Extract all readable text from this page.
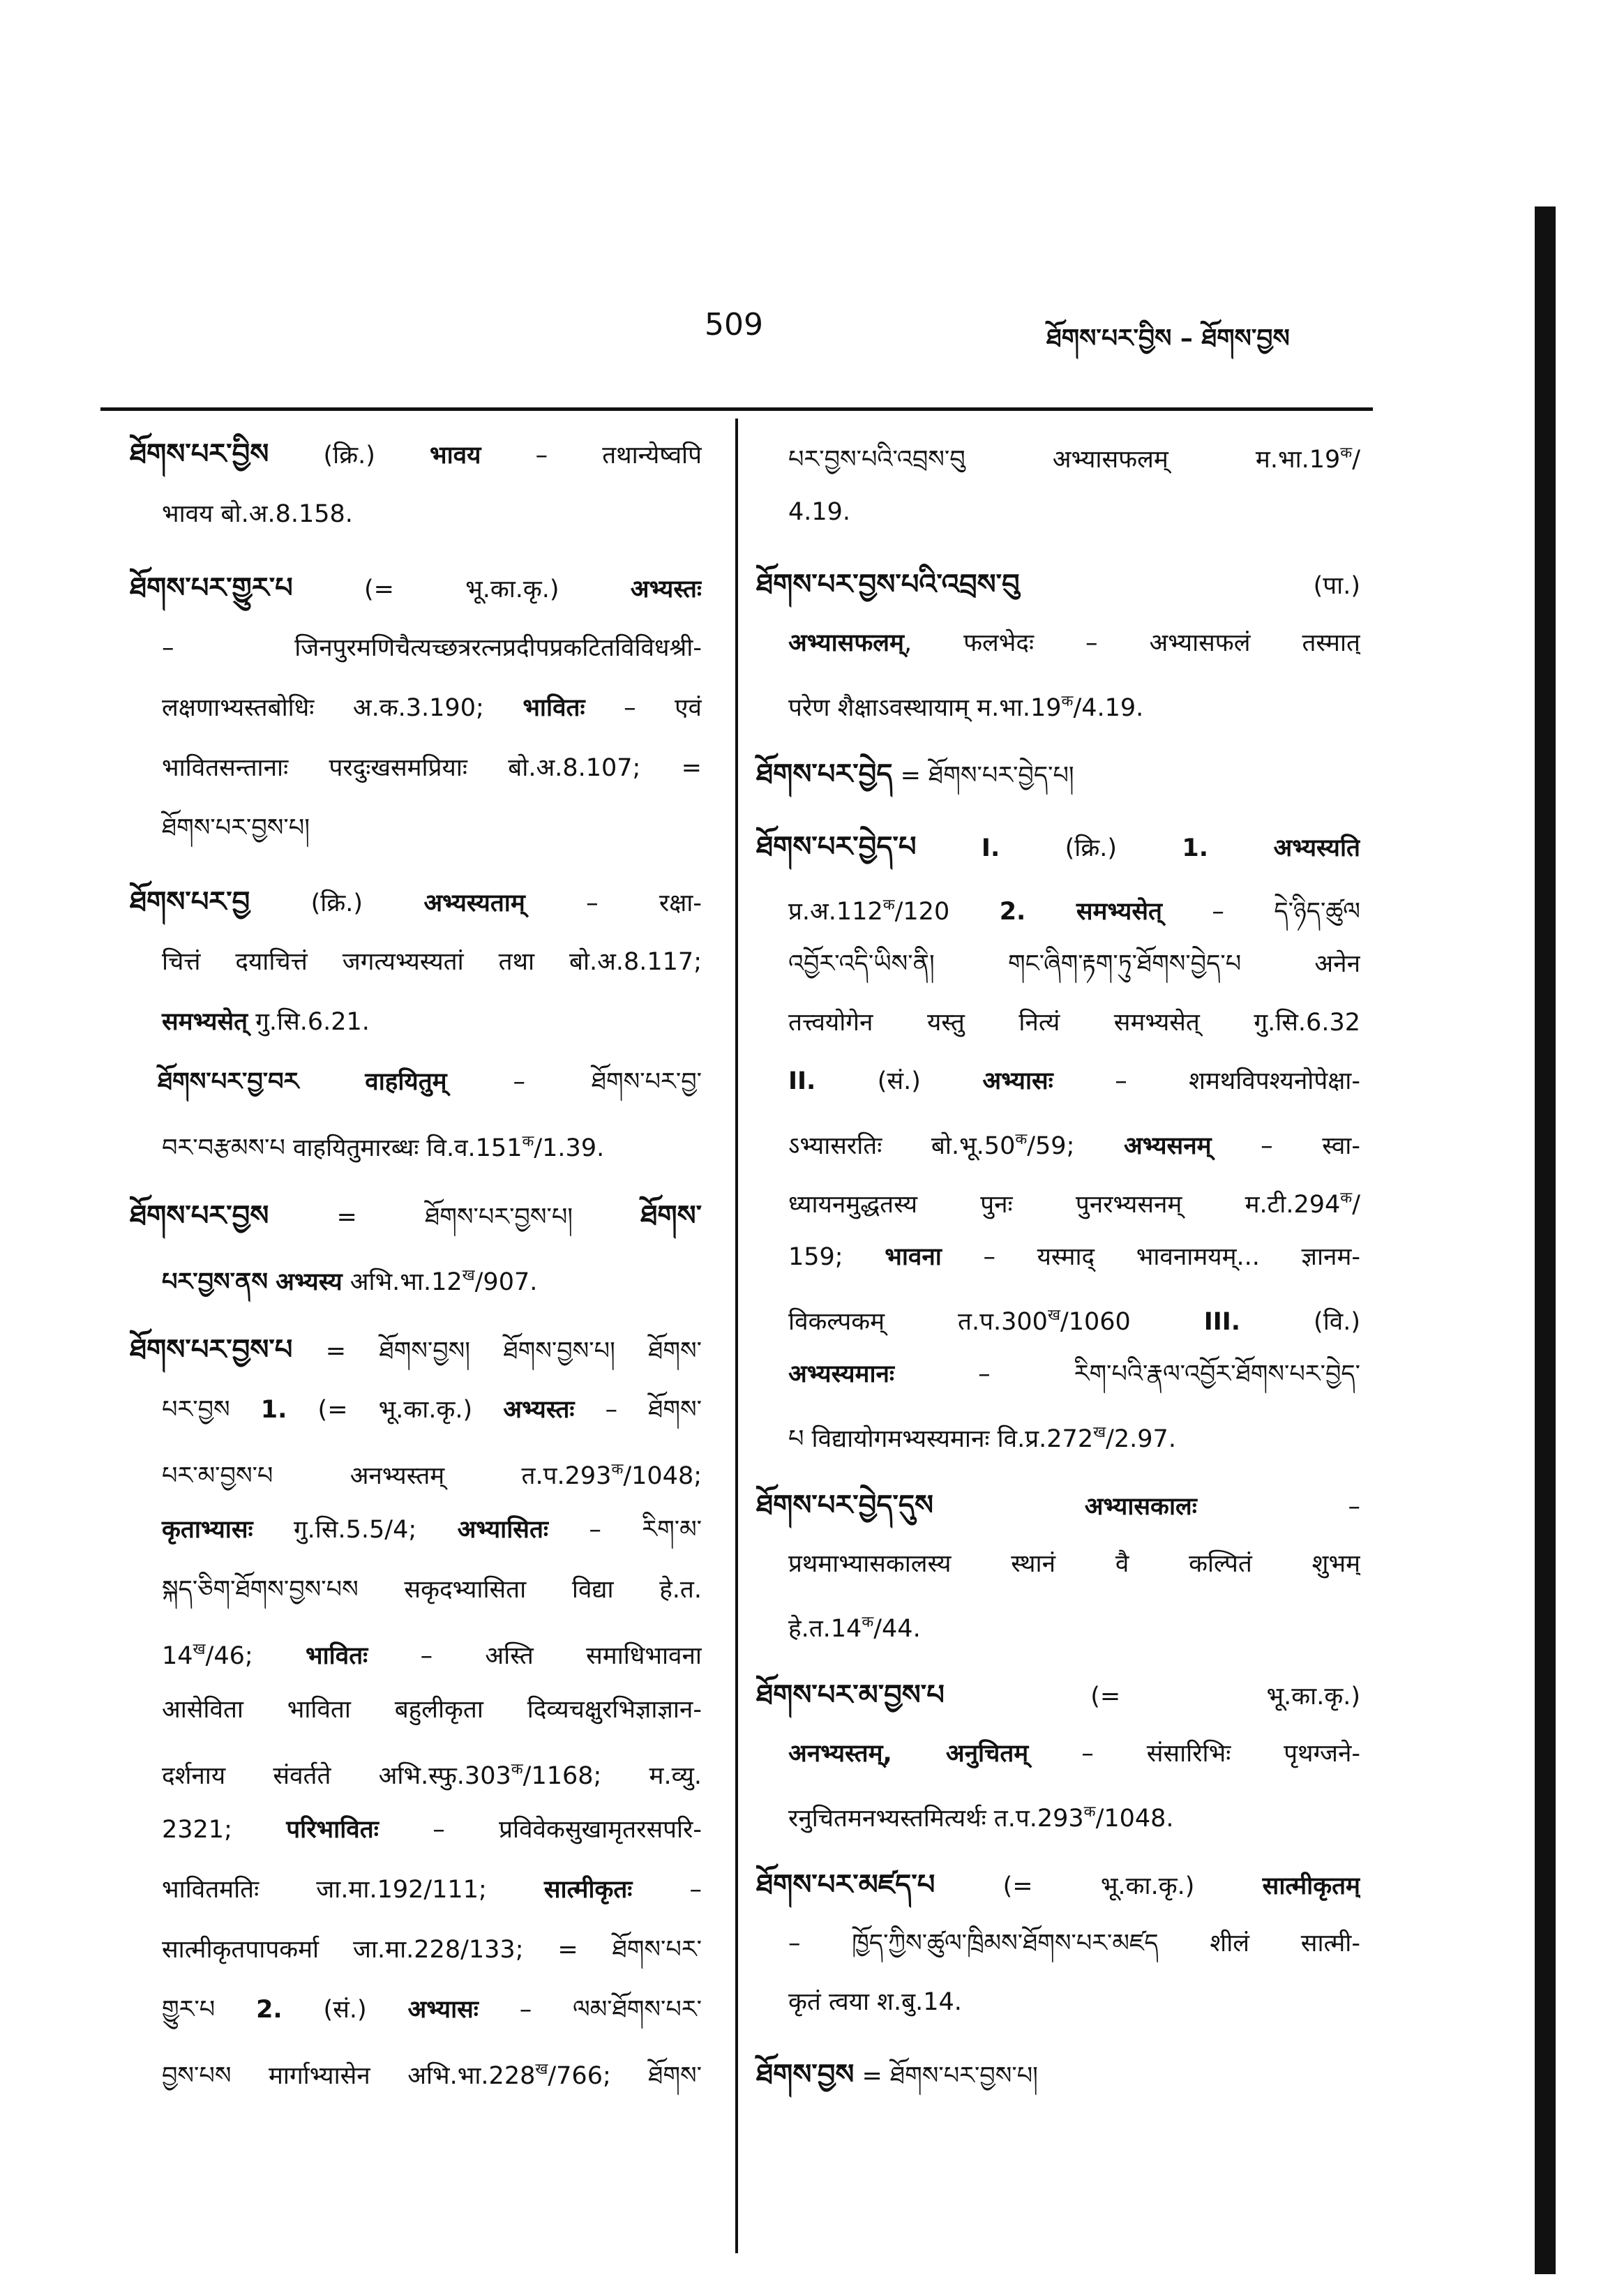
509	ཐོགས་པར་བྱིས – ཐོགས་བྱས
ཐོགས་པར་བྱིས (क्रि.) भावय – तथान्येष्वपि
भावय बो.अ.8.158.
ཐོགས་པར་གྱུར་པ (= भू.का.कृ.) अभ्यस्तः
– जिनपुरमणिचैत्यच्छत्ररत्नप्रदीपप्रकटितविविधश्री-
लक्षणाभ्यस्तबोधिः अ.क.3.190; भावितः – एवं
भावितसन्तानाः परदुःखसमप्रियाः बो.अ.8.107; =
ཐོགས་པར་བྱས་པ།
ཐོགས་པར་བྱ (क्रि.) अभ्यस्यताम् – रक्षा-
चित्तं दयाचित्तं जगत्यभ्यस्यतां तथा बो.अ.8.117;
समभ्यसेत् गु.सि.6.21.
ཐོགས་པར་བྱ་བར	वाहयितुम् – ཐོགས་པར་བྱ་
བར་བརྩམས་པ वाहयितुमारब्धः $वि.व.151^क/1.39$.
ཐོགས་པར་བྱས = ཐོགས་པར་བྱས་པ། ཐོགས་
པར་བྱས་ནས अभ्यस्य $अभि.भा.12^ख/907$.
ཐོགས་པར་བྱས་པ = ཐོགས་བྱས། ཐོགས་བྱས་པ། ཐོགས་
པར་བྱས 1. (= भू.का.कृ.) अभ्यस्तः – ཐོགས་
པར་མ་བྱས་པ अनभ्यस्तम् $त.प.293^क/1048$;
कृताभ्यासः गु.सि.5.5/4; अभ्यासितः – རིག་མ་
སྐད་ཅིག་ཐོགས་བྱས་པས सकृदभ्यासिता विद्या हे.त.
$14^ख/46$; भावितः – अस्ति समाधिभावना
आसेविता भाविता बहुलीकृता दिव्यचक्षुरभिज्ञाज्ञान-
दर्शनाय संवर्तते $अभि.स्फु.303^क/1168$; म.व्यु.
2321; परिभावितः – प्रविवेकसुखामृतरसपरि-
भावितमतिः जा.मा.192/111; सात्मीकृतः –
सात्मीकृतपापकर्मा जा.मा.228/133; = ཐོགས་པར་
གྱུར་པ 2. (सं.) अभ्यासः – ལམ་ཐོགས་པར་
བྱས་པས मार्गाभ्यासेन $अभि.भा.228^ख/766$; ཐོགས་
པར་བྱས་པའི་འབྲས་བུ अभ्यासफलम् $म.भा.19^क/$
4.19.
ཐོགས་པར་བྱས་པའི་འབྲས་བུ (पा.)
अभ्यासफलम्, फलभेदः – अभ्यासफलं तस्मात्
परेण शैक्षाऽवस्थायाम् $म.भा.19^क/4.19$.
ཐོགས་པར་བྱེད = ཐོགས་པར་བྱེད་པ།
ཐོགས་པར་བྱེད་པ	I. (क्रि.) 1.	अभ्यस्यति
$प्र.अ.112^क/120$ 2. समभ्यसेत् – དེ་ཉིད་ཚུལ
འབྱོར་འདི་ཡིས་ནི། གང་ཞིག་རྟག་ཏུ་ཐོགས་བྱེད་པ अनेन
तत्त्वयोगेन यस्तु नित्यं समभ्यसेत् गु.सि.6.32
II. (सं.) अभ्यासः – शमथविपश्यनोपेक्षा-
ऽभ्यासरतिः $बो.भू.50^क/59$; अभ्यसनम् – स्वा-
ध्यायनमुद्धतस्य पुनः पुनरभ्यसनम् $म.टी.294^क/$
159; भावना – यस्माद् भावनामयम्... ज्ञानम-
विकल्पकम् $त.प.300^ख/1060$ III. (वि.)
अभ्यस्यमानः – རིག་པའི་རྣལ་འབྱོར་ཐོགས་པར་བྱེད་
པ विद्यायोगमभ्यस्यमानः $वि.प्र.272^ख/2.97$.
ཐོགས་པར་བྱེད་དུས	अभ्यासकालः –
प्रथमाभ्यासकालस्य स्थानं वै कल्पितं शुभम्
$हे.त.14^क/44$.
ཐོགས་པར་མ་བྱས་པ (= भू.का.कृ.)
अनभ्यस्तम्, अनुचितम् – संसारिभिः पृथग्जने-
रनुचितमनभ्यस्तमित्यर्थः $त.प.293^क/1048$.
ཐོགས་པར་མཛད་པ (= भू.का.कृ.) सात्मीकृतम्
– ཁྱོད་ཀྱིས་ཚུལ་ཁྲིམས་ཐོགས་པར་མཛད शीलं सात्मी-
कृतं त्वया श.बु.14.
ཐོགས་བྱས = ཐོགས་པར་བྱས་པ།
